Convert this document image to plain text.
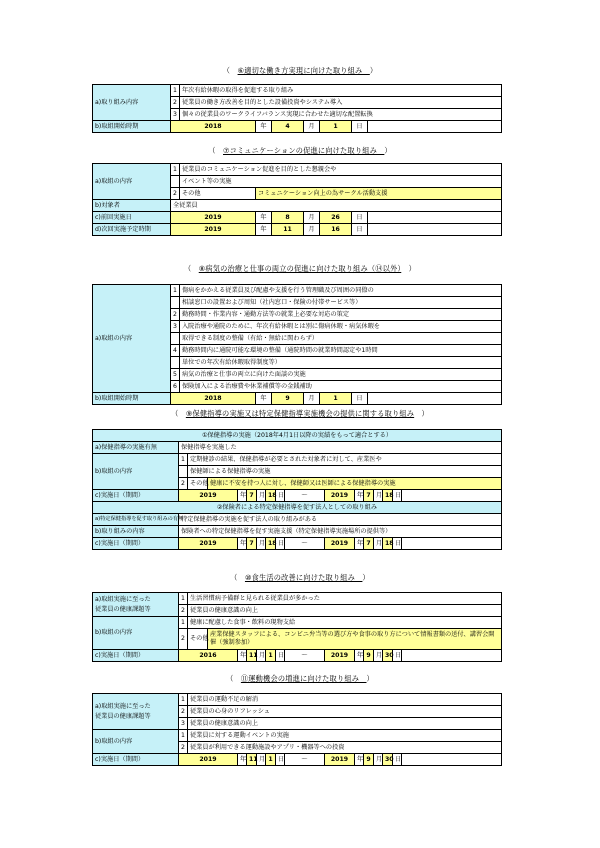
（　⑥適切な働き方実現に向けた取り組み　）
a)取り組み内容	1	年次有給休暇の取得を促進する取り組み						
	2	従業員の働き方改善を目的とした設備投資やシステム導入						
	3	個々の従業員のワークライフバランス実現に合わせた適切な配置転換						
b)取組開始時期	2018		年	4	月	1	日	
（　⑦コミュニケーションの促進に向けた取り組み　）
a)取組の内容	1	従業員のコミュニケーション促進を目的とした懇親会や						
		イベント等の実施						
	2	その他	コミュニケーション向上の為サークル活動支援					
b)対象者	全従業員							
c)前回実施日	2019		年	8	月	26	日	
d)次回実施予定時期	2019		年	11	月	16	日	
（　⑧病気の治療と仕事の両立の促進に向けた取り組み（⑭以外）　）
a)取組の内容	1	傷病をかかえる従業員及び配慮や支援を行う管理職及び周囲の同僚の						
		相談窓口の設置および周知（社内窓口・保険の付帯サービス等）						
	2	勤務時間・作業内容・通勤方法等の就業上必要な対応の策定						
	3	入院治療や通院のために、年次有給休暇とは別に傷病休暇・病気休暇を						
		取得できる制度の整備（有給・無給に関わらず）						
	4	勤務時間内に通院可能な環境の整備（通院時間の就業時間認定や1時間						
		単位での年次有給休暇取得制度等）						
	5	病気の治療と仕事の両立に向けた面談の実施						
	6	保険加入による治療費や休業補償等の金銭補助						
b)取組開始時期	2018		年	9	月	1	日	
（　⑨保健指導の実施又は特定保健指導実施機会の提供に関する取り組み　）
①保健指導の実施（2018年4月1日以降の実績をもって適合とする）																
a)保健指導の実施有無	保健指導を実施した															
b)取組の内容	1	定期健診の結果、保健指導が必要とされた対象者に対して、産業医や														
		保健師による保健指導の実施														
	2	その他	健康に不安を持つ人に対し、保健師又は医師による保健指導の実施													
c)実施日（期間）	2019			年	7	月	18	日	～	2019	年	7	月	18	日	
②保険者による特定保健指導を促す法人としての取り組み																
a)特定保健指導を促す取り組みの有無	特定保健指導の実施を促す法人の取り組みがある															
b)取り組みの内容	保険者への特定保健指導を促す実施支援（特定保健指導実施場所の提供等）															
c)実施日（期間）	2019			年	7	月	18	日	～	2019	年	7	月	18	日	
（　⑩食生活の改善に向けた取り組み　）
a)取組実施に至った
従業員の健康課題等	1	生活習慣病予備群と見られる従業員が多かった														
	2	従業員の健康意識の向上														
b)取組の内容	1	健康に配慮した食事・飲料の現物支給														
	2	その他	産業保健スタッフによる、コンビニ弁当等の選び方や食事の取り方について情報書類の送付、講習会開催（強制参加）													
c)実施日（期間）	2016			年	11	月	1	日	～	2019	年	9	月	30	日	
（　⑪運動機会の増進に向けた取り組み　）
a)取組実施に至った
従業員の健康課題等	1	従業員の運動不足の解消													
	2	従業員の心身のリフレッシュ													
	3	従業員の健康意識の向上													
b)取組の内容	1	従業員に対する運動イベントの実施													
	2	従業員が利用できる運動施設やアプリ・機器等への投資													
c)実施日（期間）	2019		年	11	月	1	日	～	2019	年	9	月	30	日	
